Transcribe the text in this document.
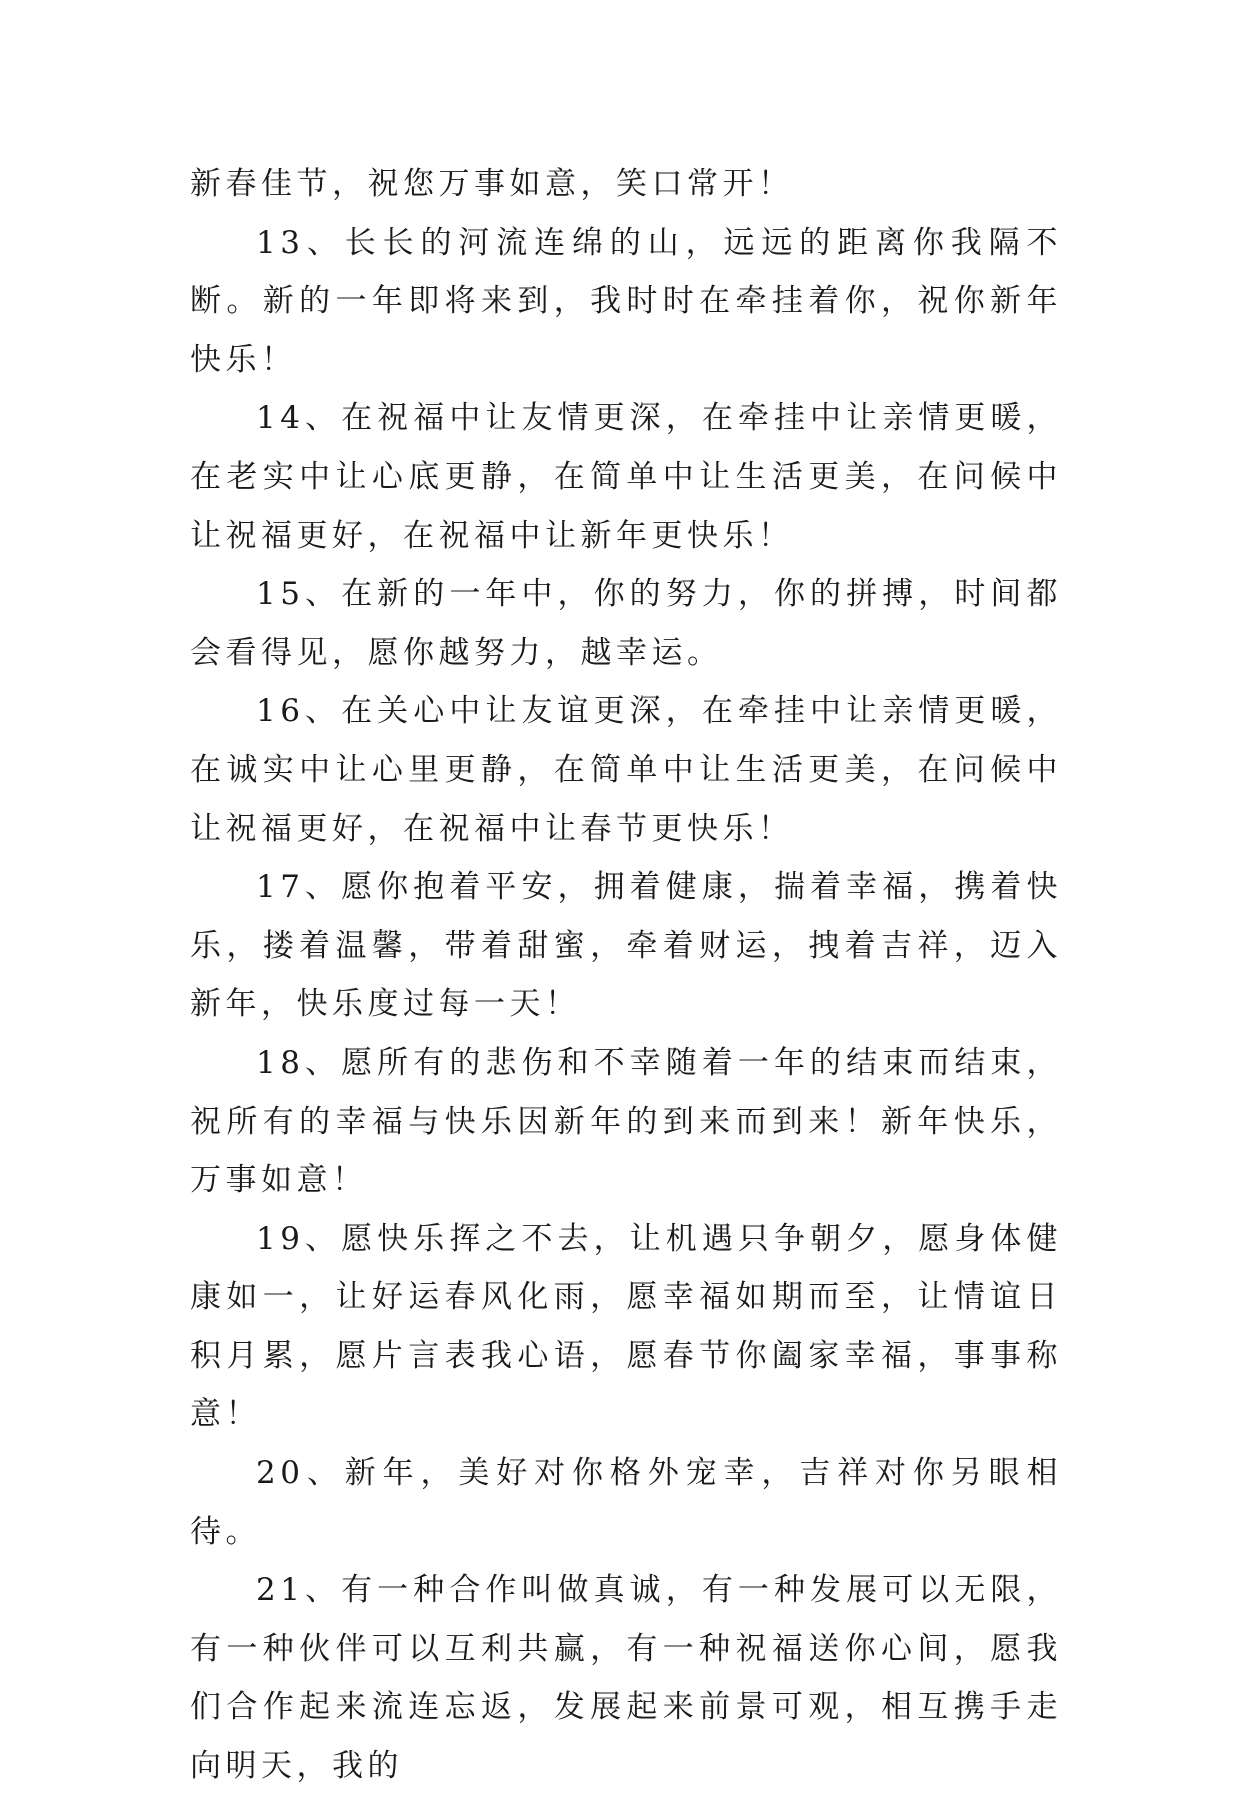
新春佳节，祝您万事如意，笑口常开！

13、长长的河流连绵的山，远远的距离你我隔不断。新的一年即将来到，我时时在牵挂着你，祝你新年快乐！

14、在祝福中让友情更深，在牵挂中让亲情更暖，在老实中让心底更静，在简单中让生活更美，在问候中让祝福更好，在祝福中让新年更快乐！

15、在新的一年中，你的努力，你的拼搏，时间都会看得见，愿你越努力，越幸运。

16、在关心中让友谊更深，在牵挂中让亲情更暖，在诚实中让心里更静，在简单中让生活更美，在问候中让祝福更好，在祝福中让春节更快乐！

17、愿你抱着平安，拥着健康，揣着幸福，携着快乐，搂着温馨，带着甜蜜，牵着财运，拽着吉祥，迈入新年，快乐度过每一天！

18、愿所有的悲伤和不幸随着一年的结束而结束，祝所有的幸福与快乐因新年的到来而到来！新年快乐，万事如意！

19、愿快乐挥之不去，让机遇只争朝夕，愿身体健康如一，让好运春风化雨，愿幸福如期而至，让情谊日积月累，愿片言表我心语，愿春节你阖家幸福，事事称意！

20、新年，美好对你格外宠幸，吉祥对你另眼相待。

21、有一种合作叫做真诚，有一种发展可以无限，有一种伙伴可以互利共赢，有一种祝福送你心间，愿我们合作起来流连忘返，发展起来前景可观，相互携手走向明天，我的
